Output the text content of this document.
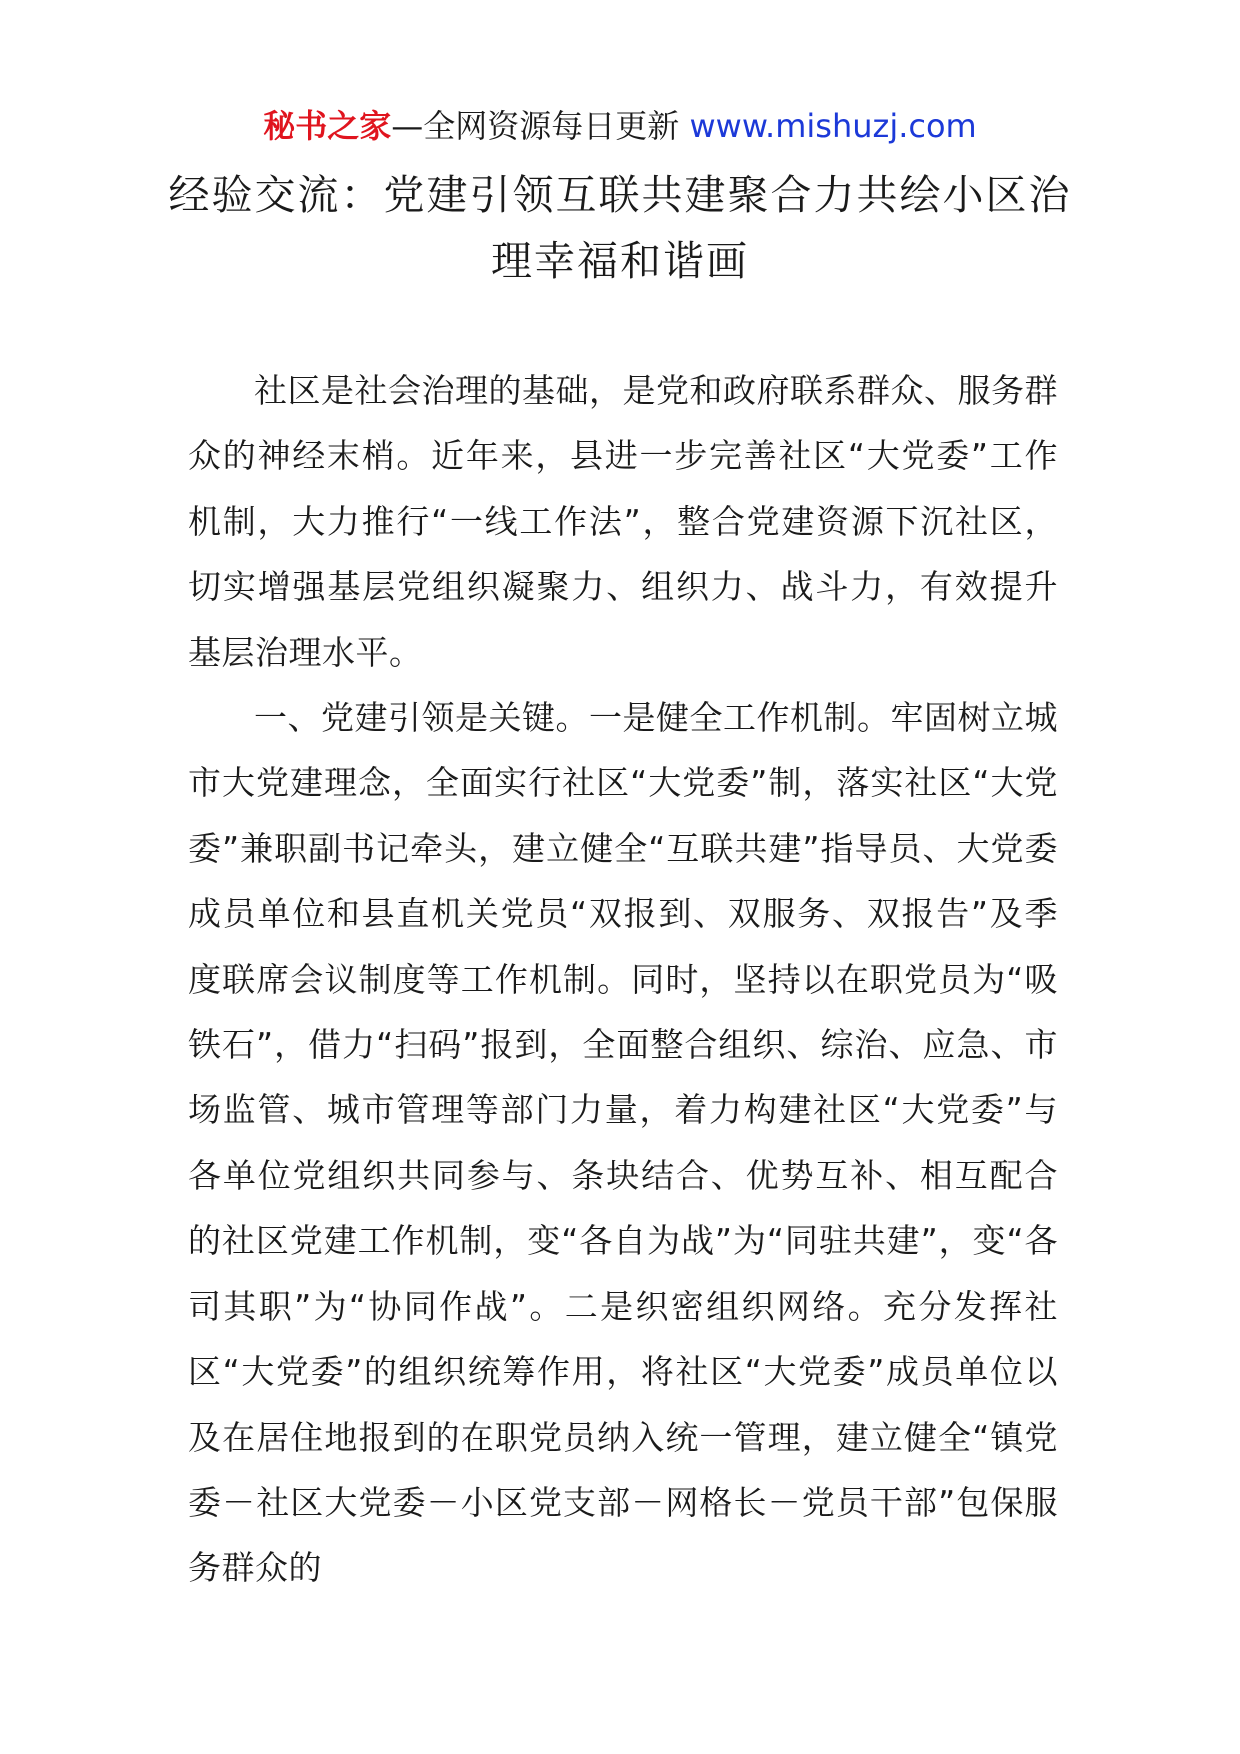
秘书之家—全网资源每日更新 www.mishuzj.com
经验交流：党建引领互联共建聚合力共绘小区治理幸福和谐画

社区是社会治理的基础，是党和政府联系群众、服务群众的神经末梢。近年来，县进一步完善社区“大党委”工作机制，大力推行“一线工作法”，整合党建资源下沉社区，切实增强基层党组织凝聚力、组织力、战斗力，有效提升基层治理水平。

一、党建引领是关键。一是健全工作机制。牢固树立城市大党建理念，全面实行社区“大党委”制，落实社区“大党委”兼职副书记牵头，建立健全“互联共建”指导员、大党委成员单位和县直机关党员“双报到、双服务、双报告”及季度联席会议制度等工作机制。同时，坚持以在职党员为“吸铁石”，借力“扫码”报到，全面整合组织、综治、应急、市场监管、城市管理等部门力量，着力构建社区“大党委”与各单位党组织共同参与、条块结合、优势互补、相互配合的社区党建工作机制，变“各自为战”为“同驻共建”，变“各司其职”为“协同作战”。二是织密组织网络。充分发挥社区“大党委”的组织统筹作用，将社区“大党委”成员单位以及在居住地报到的在职党员纳入统一管理，建立健全“镇党委－社区大党委－小区党支部－网格长－党员干部”包保服务群众的
